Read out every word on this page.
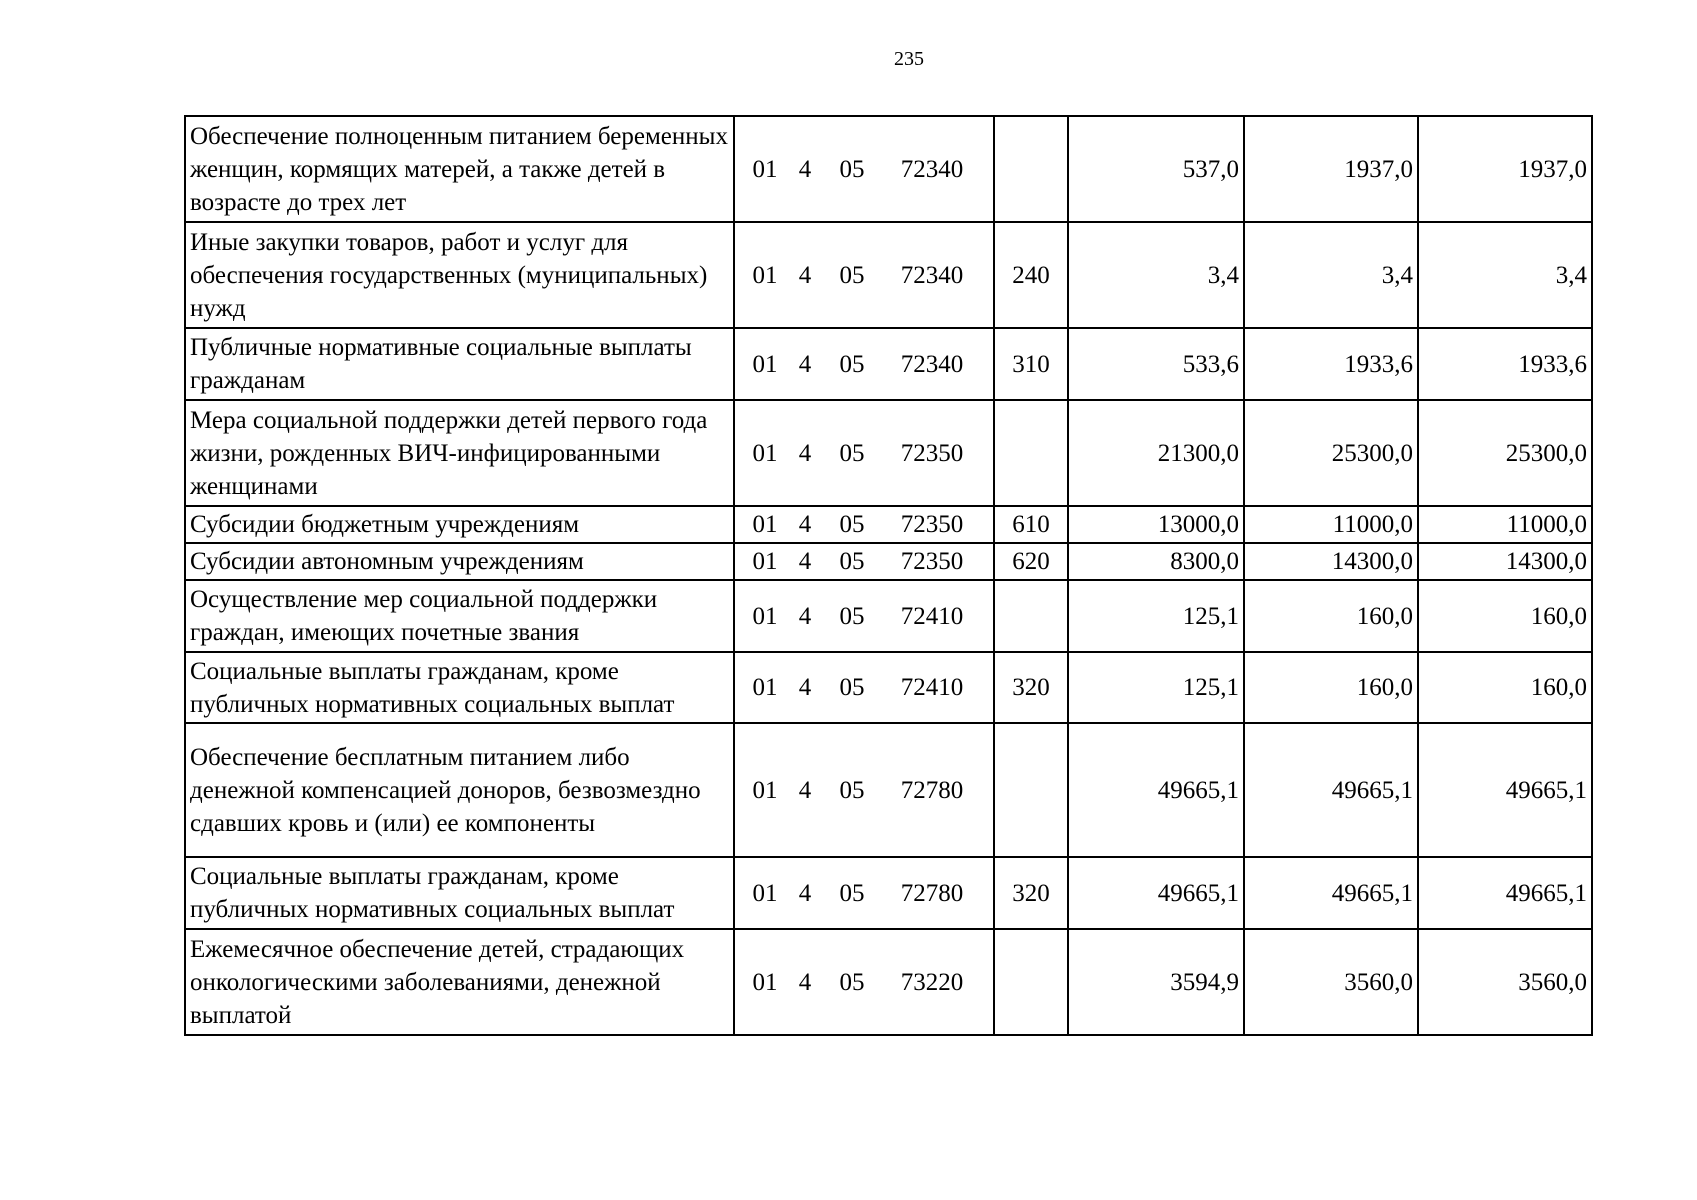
235
Обеспечение полноценным питанием беременных женщин, кормящих матерей, а также детей в возрасте до трех лет	01 4 05 72340		537,0	1937,0	1937,0
Иные закупки товаров, работ и услуг для обеспечения государственных (муниципальных) нужд	01 4 05 72340	240	3,4	3,4	3,4
Публичные нормативные социальные выплаты гражданам	01 4 05 72340	310	533,6	1933,6	1933,6
Мера социальной поддержки детей первого года жизни, рожденных ВИЧ-инфицированными женщинами	01 4 05 72350		21300,0	25300,0	25300,0
Субсидии бюджетным учреждениям	01 4 05 72350	610	13000,0	11000,0	11000,0
Субсидии автономным учреждениям	01 4 05 72350	620	8300,0	14300,0	14300,0
Осуществление мер социальной поддержки граждан, имеющих почетные звания	01 4 05 72410		125,1	160,0	160,0
Социальные выплаты гражданам, кроме публичных нормативных социальных выплат	01 4 05 72410	320	125,1	160,0	160,0
Обеспечение бесплатным питанием либо денежной компенсацией доноров, безвозмездно сдавших кровь и (или) ее компоненты	01 4 05 72780		49665,1	49665,1	49665,1
Социальные выплаты гражданам, кроме публичных нормативных социальных выплат	01 4 05 72780	320	49665,1	49665,1	49665,1
Ежемесячное обеспечение детей, страдающих онкологическими заболеваниями, денежной выплатой	01 4 05 73220		3594,9	3560,0	3560,0
